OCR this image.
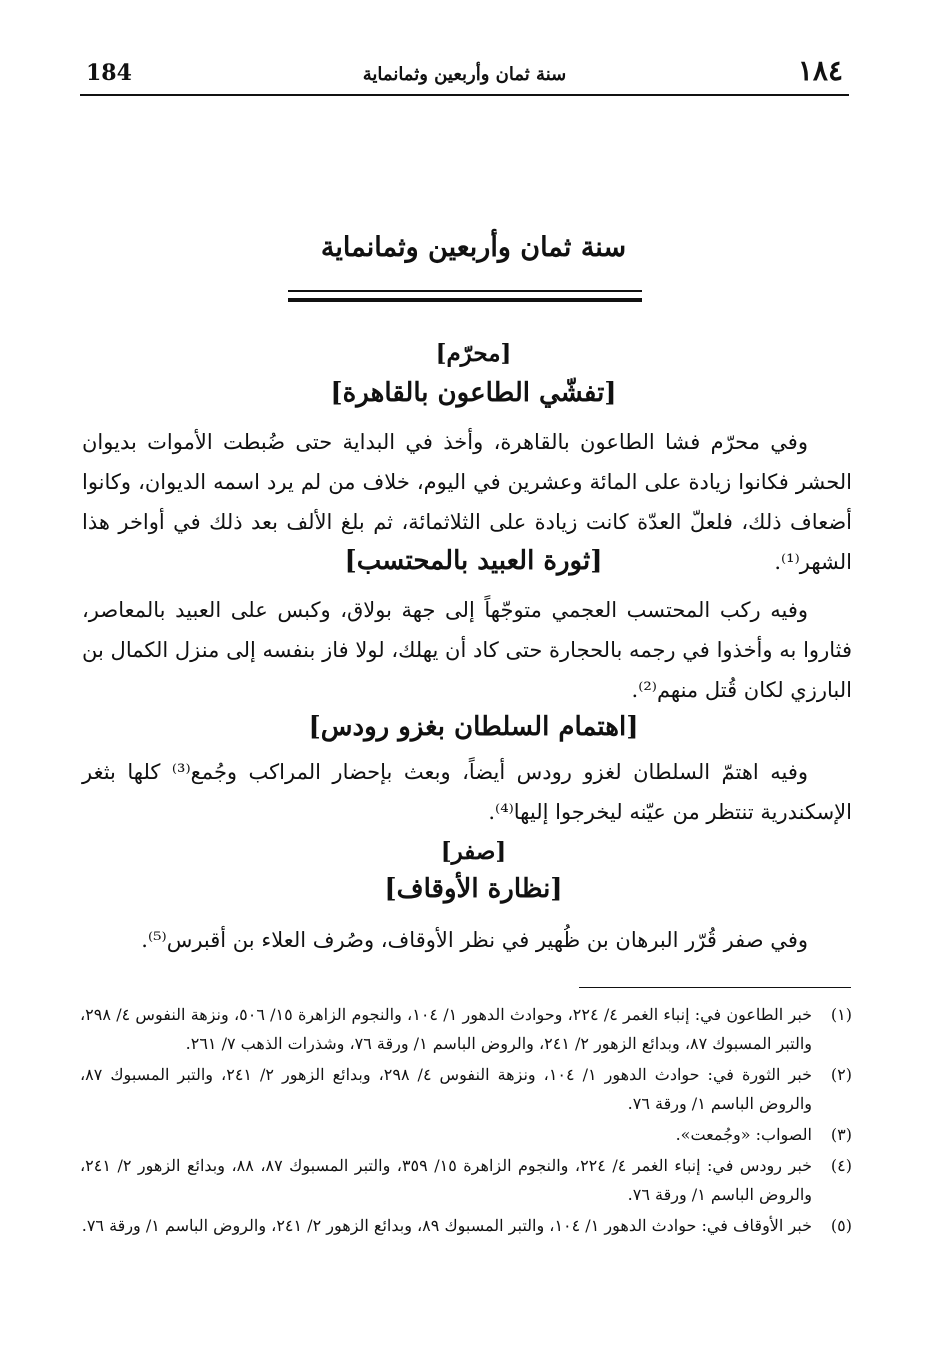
184	سنة ثمان وأربعين وثمانماية	١٨٤
سنة ثمان وأربعين وثمانماية
[محرّم]
[تفشّي الطاعون بالقاهرة]
وفي محرّم فشا الطاعون بالقاهرة، وأخذ في البداية حتى ضُبطت الأموات بديوان الحشر فكانوا زيادة على المائة وعشرين في اليوم، خلاف من لم يرد اسمه الديوان، وكانوا أضعاف ذلك، فلعلّ العدّة كانت زيادة على الثلاثمائة، ثم بلغ الألف بعد ذلك في أواخر هذا الشهر⁽¹⁾.
[ثورة العبيد بالمحتسب]
وفيه ركب المحتسب العجمي متوجّهاً إلى جهة بولاق، وكبس على العبيد بالمعاصر، فثاروا به وأخذوا في رجمه بالحجارة حتى كاد أن يهلك، لولا فاز بنفسه إلى منزل الكمال بن البارزي لكان قُتل منهم⁽²⁾.
[اهتمام السلطان بغزو رودس]
وفيه اهتمّ السلطان لغزو رودس أيضاً، وبعث بإحضار المراكب وجُمع⁽³⁾ كلها بثغر الإسكندرية تنتظر من عيّنه ليخرجوا إليها⁽⁴⁾.
[صفر]
[نظارة الأوقاف]
وفي صفر قُرّر البرهان بن ظُهير في نظر الأوقاف، وصُرف العلاء بن أقبرس⁽⁵⁾.
(١)
خبر الطاعون في: إنباء الغمر ٤/ ٢٢٤، وحوادث الدهور ١/ ١٠٤، والنجوم الزاهرة ١٥/ ٥٠٦، ونزهة النفوس ٤/ ٢٩٨، والتبر المسبوك ٨٧، وبدائع الزهور ٢/ ٢٤١، والروض الباسم ١/ ورقة ٧٦، وشذرات الذهب ٧/ ٢٦١.
(٢)
خبر الثورة في: حوادث الدهور ١/ ١٠٤، ونزهة النفوس ٤/ ٢٩٨، وبدائع الزهور ٢/ ٢٤١، والتبر المسبوك ٨٧، والروض الباسم ١/ ورقة ٧٦.
(٣)
الصواب: «وجُمعت».
(٤)
خبر رودس في: إنباء الغمر ٤/ ٢٢٤، والنجوم الزاهرة ١٥/ ٣٥٩، والتبر المسبوك ٨٧، ٨٨، وبدائع الزهور ٢/ ٢٤١، والروض الباسم ١/ ورقة ٧٦.
(٥)
خبر الأوقاف في: حوادث الدهور ١/ ١٠٤، والتبر المسبوك ٨٩، وبدائع الزهور ٢/ ٢٤١، والروض الباسم ١/ ورقة ٧٦.
